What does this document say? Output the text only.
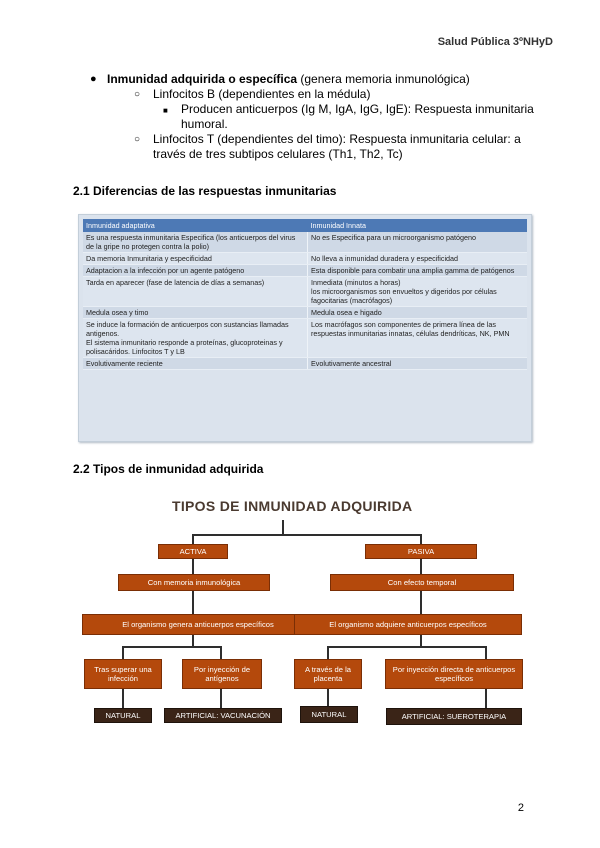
Salud Pública 3ºNHyD
● Inmunidad adquirida o específica (genera memoria inmunológica)
○ Linfocitos B (dependientes en la médula)
■ Producen anticuerpos (Ig M, IgA, IgG, IgE): Respuesta inmunitaria humoral.
○ Linfocitos T (dependientes del timo): Respuesta inmunitaria celular: a través de tres subtipos celulares (Th1, Th2, Tc)
2.1 Diferencias de las respuestas inmunitarias
Inmunidad adaptativa	Inmunidad Innata
Es una respuesta inmunitaria Especifica (los anticuerpos del virus de la gripe no protegen contra la polio)	No es Especifica para un microorganismo patógeno
Da memoria Inmunitaria y especificidad	No lleva a inmunidad duradera y especificidad
Adaptacion a la infección por un agente patógeno	Esta disponible para combatir una amplia gamma de patógenos
Tarda en aparecer (fase de latencia de días a semanas)	Inmediata (minutos a horas)
los microorganismos son envueltos y digeridos por células fagocitarias (macrófagos)
Medula osea y timo	Medula osea e higado
Se induce la formación de anticuerpos con sustancias llamadas antigenos.
El sistema inmunitario responde a proteínas, glucoproteinas y polisacáridos. Linfocitos T y LB	Los macrófagos son componentes de primera línea de las respuestas inmunitarias innatas, células dendríticas, NK, PMN
Evolutivamente reciente	Evolutivamente ancestral
2.2 Tipos de inmunidad adquirida
TIPOS DE INMUNIDAD ADQUIRIDA
ACTIVA	PASIVA
Con memoria inmunológica	Con efecto temporal
El organismo genera anticuerpos específicos	El organismo adquiere anticuerpos específicos
Tras superar una infección
Por inyección de antígenos
A través de la placenta
Por inyección directa de anticuerpos específicos
NATURAL	ARTIFICIAL: VACUNACIÓN	NATURAL	ARTIFICIAL: SUEROTERAPIA
2
